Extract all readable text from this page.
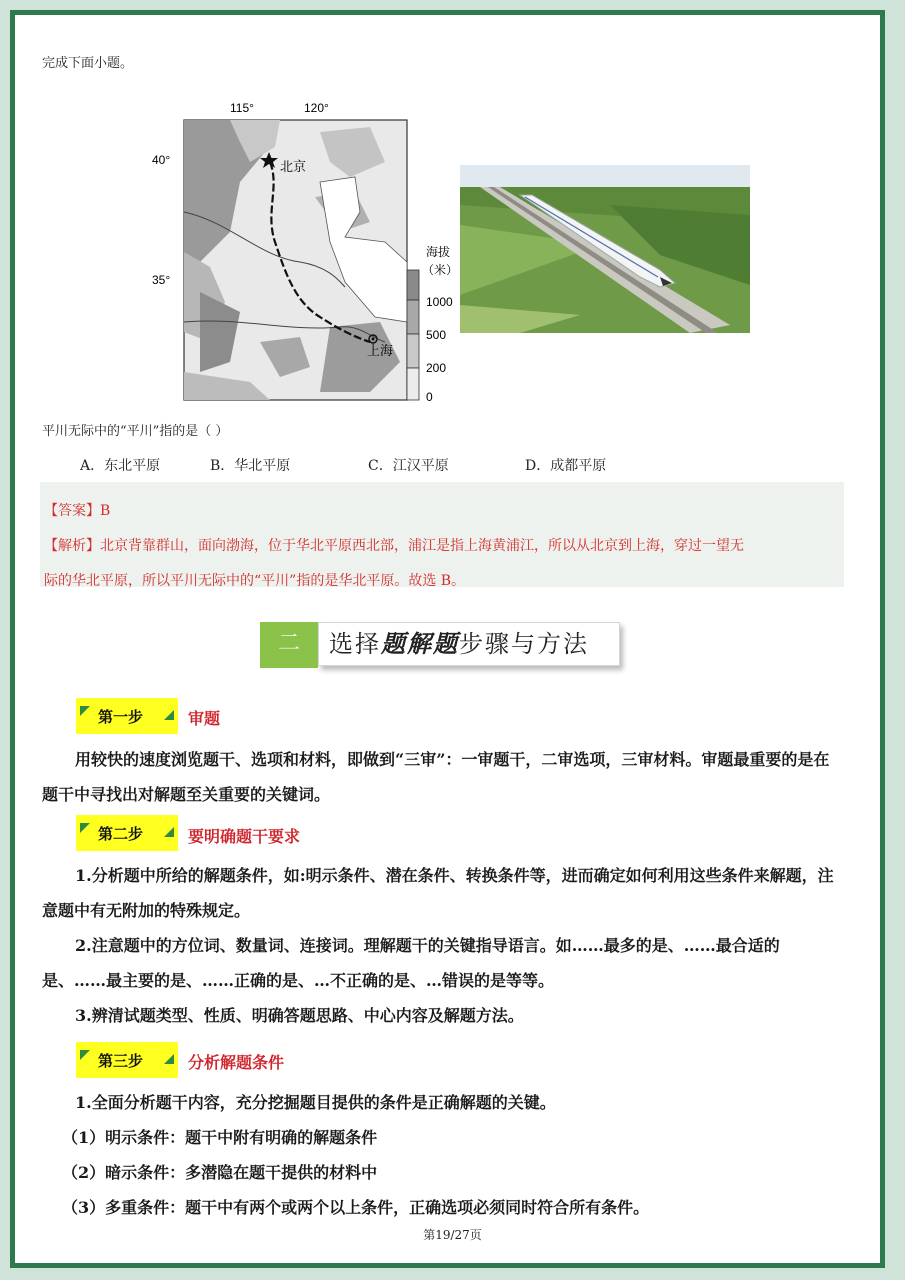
完成下面小题。
北京
上海
115°	120°
40°
35°
海拔
（米）
1000
500
200
0
平川无际中的“平川”指的是（ ）
A．东北平原	B．华北平原	C．江汉平原	D．成都平原

【答案】B

【解析】北京背靠群山，面向渤海，位于华北平原西北部，浦江是指上海黄浦江，所以从北京到上海，穿过一望无

际的华北平原，所以平川无际中的“平川”指的是华北平原。故选 B。

二	选择题解题步骤与方法
第一步	审题

用较快的速度浏览题干、选项和材料，即做到“三审”：一审题干，二审选项，三审材料。审题最重要的是在题干中寻找出对解题至关重要的关键词。

第二步	要明确题干要求

1.分析题中所给的解题条件，如:明示条件、潜在条件、转换条件等，进而确定如何利用这些条件来解题，注意题中有无附加的特殊规定。

2.注意题中的方位词、数量词、连接词。理解题干的关键指导语言。如……最多的是、……最合适的是、……最主要的是、……正确的是、…不正确的是、…错误的是等等。

3.辨清试题类型、性质、明确答题思路、中心内容及解题方法。

第三步	分析解题条件

1.全面分析题干内容，充分挖掘题目提供的条件是正确解题的关键。

（1）明示条件：题干中附有明确的解题条件

（2）暗示条件：多潜隐在题干提供的材料中

（3）多重条件：题干中有两个或两个以上条件，正确选项必须同时符合所有条件。

第19/27页
